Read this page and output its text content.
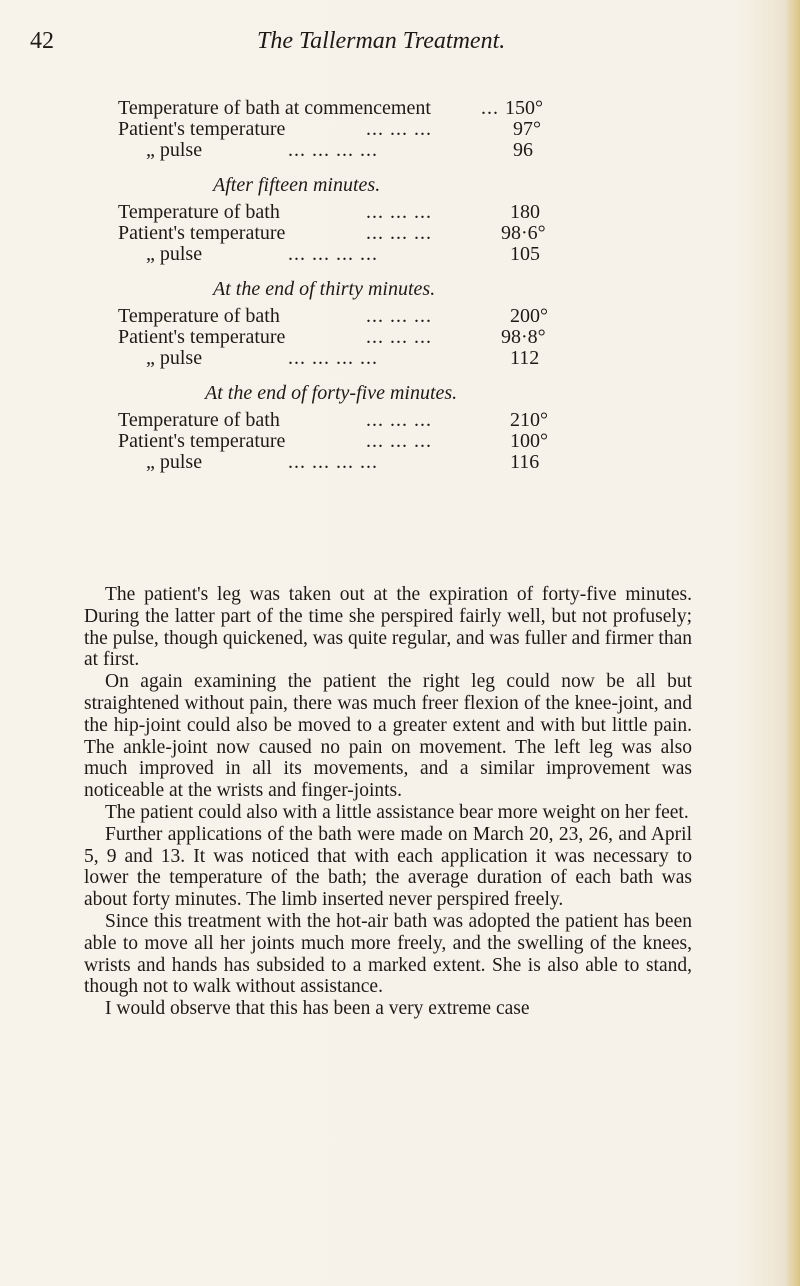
42	The Tallerman Treatment.
Temperature of bath at commencement	... 150°
Patient's temperature	... ... ...	97°
„ pulse	... ... ... ...	96
After fifteen minutes.
Temperature of bath	... ... ...	180
Patient's temperature	... ... ...	98·6°
„ pulse	... ... ... ...	105
At the end of thirty minutes.
Temperature of bath	... ... ...	200°
Patient's temperature	... ... ...	98·8°
„ pulse	... ... ... ...	112
At the end of forty-five minutes.
Temperature of bath	... ... ...	210°
Patient's temperature	... ... ...	100°
„ pulse	... ... ... ...	116

The patient's leg was taken out at the expiration of forty-five minutes. During the latter part of the time she perspired fairly well, but not profusely; the pulse, though quickened, was quite regular, and was fuller and firmer than at first.

On again examining the patient the right leg could now be all but straightened without pain, there was much freer flexion of the knee-joint, and the hip-joint could also be moved to a greater extent and with but little pain. The ankle-joint now caused no pain on movement. The left leg was also much improved in all its movements, and a similar improvement was noticeable at the wrists and finger-joints.

The patient could also with a little assistance bear more weight on her feet.

Further applications of the bath were made on March 20, 23, 26, and April 5, 9 and 13. It was noticed that with each application it was necessary to lower the temperature of the bath; the average duration of each bath was about forty minutes. The limb inserted never perspired freely.

Since this treatment with the hot-air bath was adopted the patient has been able to move all her joints much more freely, and the swelling of the knees, wrists and hands has subsided to a marked extent. She is also able to stand, though not to walk without assistance.

I would observe that this has been a very extreme case
